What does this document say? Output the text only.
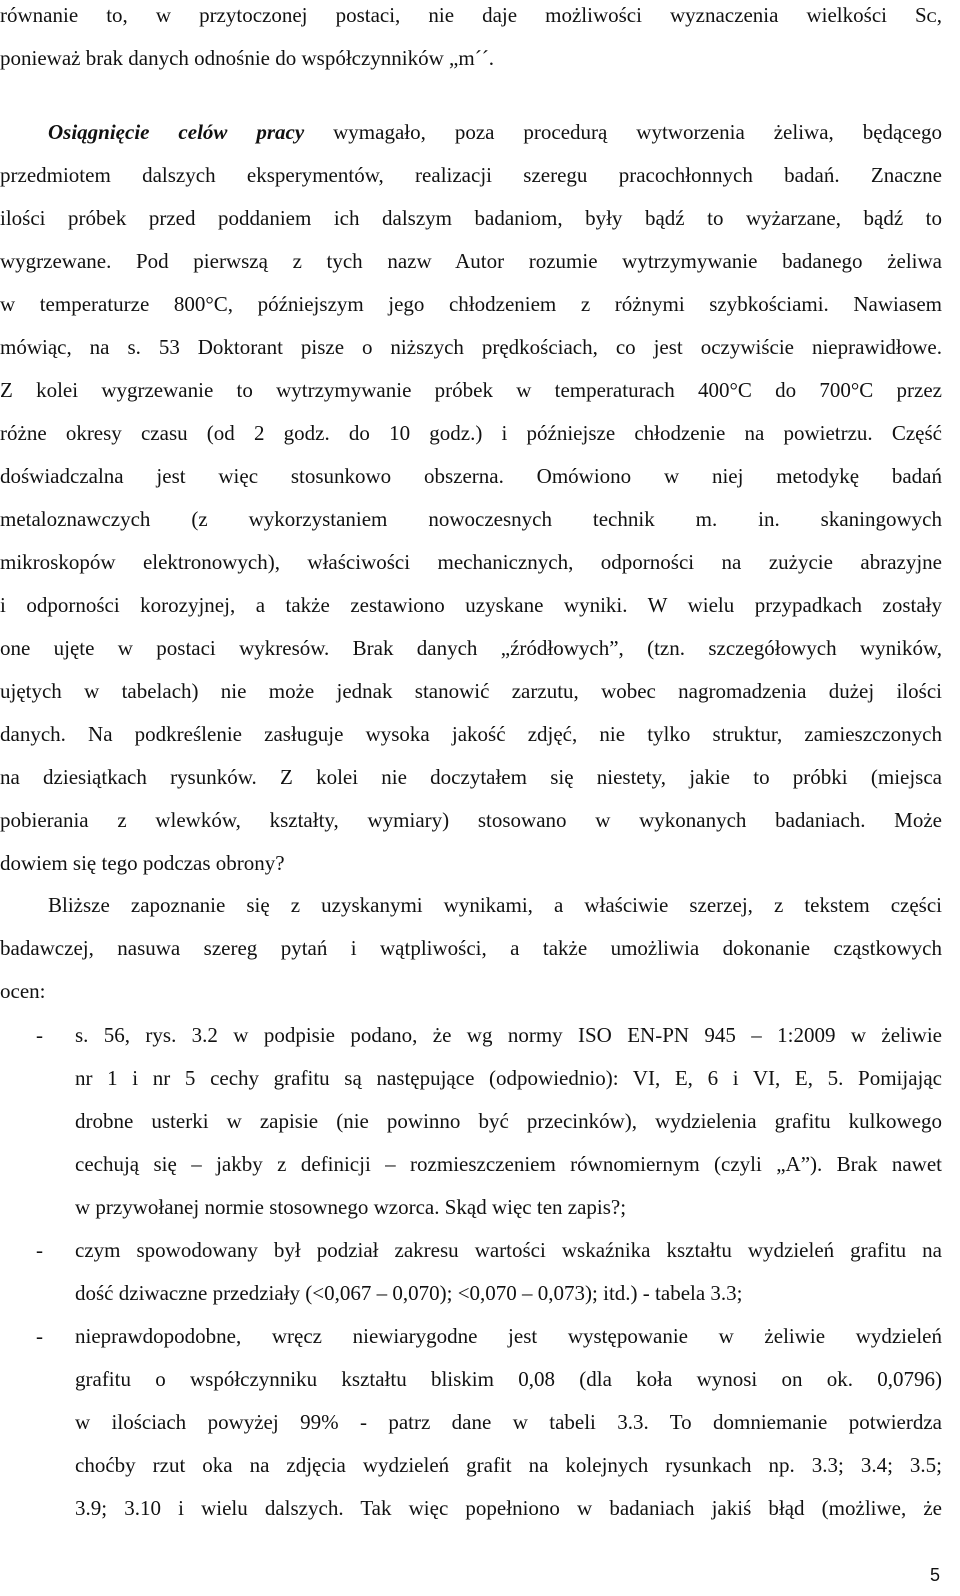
równanie to, w przytoczonej postaci, nie daje możliwości wyznaczenia wielkości Sᴄ,
ponieważ brak danych odnośnie do współczynników „m´´.
Osiągnięcie celów pracy wymagało, poza procedurą wytworzenia żeliwa, będącego
przedmiotem dalszych eksperymentów, realizacji szeregu pracochłonnych badań. Znaczne
ilości próbek przed poddaniem ich dalszym badaniom, były bądź to wyżarzane, bądź to
wygrzewane. Pod pierwszą z tych nazw Autor rozumie wytrzymywanie badanego żeliwa
w temperaturze 800°C, późniejszym jego chłodzeniem z różnymi szybkościami. Nawiasem
mówiąc, na s. 53 Doktorant pisze o niższych prędkościach, co jest oczywiście nieprawidłowe.
Z kolei wygrzewanie to wytrzymywanie próbek w temperaturach 400°C do 700°C przez
różne okresy czasu (od 2 godz. do 10 godz.) i późniejsze chłodzenie na powietrzu. Część
doświadczalna jest więc stosunkowo obszerna. Omówiono w niej metodykę badań
metaloznawczych (z wykorzystaniem nowoczesnych technik m. in. skaningowych
mikroskopów elektronowych), właściwości mechanicznych, odporności na zużycie abrazyjne
i odporności korozyjnej, a także zestawiono uzyskane wyniki. W wielu przypadkach zostały
one ujęte w postaci wykresów. Brak danych „źródłowych”, (tzn. szczegółowych wyników,
ujętych w tabelach) nie może jednak stanowić zarzutu, wobec nagromadzenia dużej ilości
danych. Na podkreślenie zasługuje wysoka jakość zdjęć, nie tylko struktur, zamieszczonych
na dziesiątkach rysunków. Z kolei nie doczytałem się niestety, jakie to próbki (miejsca
pobierania z wlewków, kształty, wymiary) stosowano w wykonanych badaniach. Może
dowiem się tego podczas obrony?
Bliższe zapoznanie się z uzyskanymi wynikami, a właściwie szerzej, z tekstem części
badawczej, nasuwa szereg pytań i wątpliwości, a także umożliwia dokonanie cząstkowych
ocen:
- s. 56, rys. 3.2 w podpisie podano, że wg normy ISO EN-PN 945 – 1:2009 w żeliwie
nr 1 i nr 5 cechy grafitu są następujące (odpowiednio): VI, E, 6 i VI, E, 5. Pomijając
drobne usterki w zapisie (nie powinno być przecinków), wydzielenia grafitu kulkowego
cechują się – jakby z definicji – rozmieszczeniem równomiernym (czyli „A”). Brak nawet
w przywołanej normie stosownego wzorca. Skąd więc ten zapis?;
- czym spowodowany był podział zakresu wartości wskaźnika kształtu wydzieleń grafitu na
dość dziwaczne przedziały (<0,067 – 0,070); <0,070 – 0,073); itd.) - tabela 3.3;
- nieprawdopodobne, wręcz niewiarygodne jest występowanie w żeliwie wydzieleń
grafitu o współczynniku kształtu bliskim 0,08 (dla koła wynosi on ok. 0,0796)
w ilościach powyżej 99% - patrz dane w tabeli 3.3. To domniemanie potwierdza
choćby rzut oka na zdjęcia wydzieleń grafit na kolejnych rysunkach np. 3.3; 3.4; 3.5;
3.9; 3.10 i wielu dalszych. Tak więc popełniono w badaniach jakiś błąd (możliwe, że
5
